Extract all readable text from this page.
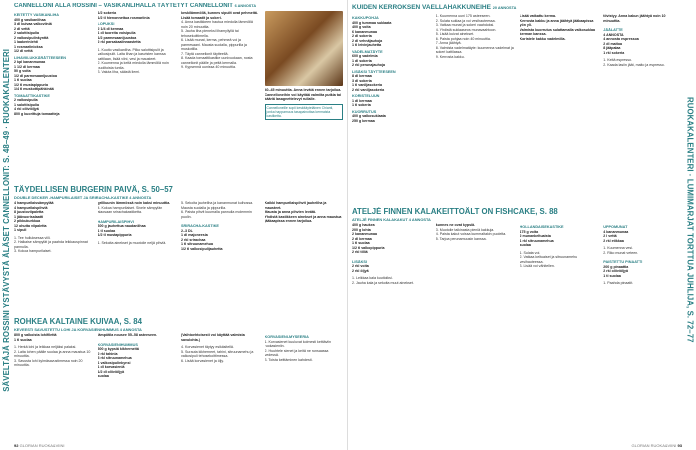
SÄVELTÄJÄ ROSSINI YSTÄVYSTÄ ÄLÄSET CANNELLONIT: S. 48–49 · RUOKAKALENTERI
CANNELLONI ALLA ROSSINI – VASIKANLIHALLA TÄYTETYT CANNELLONIT 6 ANNOSTA
KEITETTY VASIKANLIHA
400 g vasikanlihaa
3 dl kuivaa valkoviiniä
2 dl vettä
2 salottisipulia
2 valkosipulinkynttä
1 laakerinlehti
1 rosmariinioksa
1/2 dl vettä
LIHAVIILUKKÄRÄTTEESEEN
2 kpl kananmunaa
1 1/2 dl kermaa
50 g voita
1/2 dl parmesaanijuustoa
1 tl suolaa
1/2 tl mustapippuria
1/4 tl muskottipähkinää
TOMAATTIKASTIKE
2 valkosipulia
1 salottisipulia
4 rkl oliiviöljyä
800 g kuorittuja tomaatteja
1/2 sokeria
1/2 tl hienonnettua rosmariinia
LOPUKSI
2 1/4 dl kermaa
1 dl tuoreita voisipulia
1/2 parmesaanijuustoa
2 rkl parsakaalinraastetta
1. Kuutio vasikanliha. Pilko salottisipulit ja valkosipulit. Laita lihan ja kasvisten kanssa kattilaan, lisää viini, vesi ja mausteet.
2. Kuumenna ja keitä miedolla lämmöllä noin puolitoista tuntia.
3. Valuta liha, säästä liemi.
keskilämmöllä, kunnes sipulit ovat pehmeitä. Lisää tomaatit ja sokeri.
4. Anna kastikkeen hautua miedolla lämmöllä noin 20 minuuttia.
5. Jauha liha pieneksi lihamyllyllä tai tehosekoittimella.
6. Lisää munat, kerma, pehmeä voi ja parmesaani. Mausta suolalla, pippurilla ja muskotilla.
7. Täytä cannellonit täytteellä.
8. Kaada tomaattikastike uunivuokaan, nosta cannellonit päälle ja peitä kermalla.
9. Kypsennä uunissa 40 minuuttia.
40–45 minuuttia. Anna levätä ennen tarjoilua.
Cannelloneihin voi käyttää valmiita putkia tai kääriä lasagnettelevyt rullalle.
Cannelloneille sopii keskitäyteläinen Chianti, jonka happamuus tasapainottaa kermaista kastiketta.
TÄYDELLISEN BURGERIN PAIVÄ, S. 50–57
DOUBLE DECKER -HAMPURILAISET JA SRIRACHA-KASTIKE 4 ANNOSTA
4 hampurilaissämpylää
4 hampurilaispihviä
8 juustoviipaletta
1 jäävuorisalaatti
2 pikkukurkkua
12 ohutta viipaletta
1 sipuli
1. Tee hulluksessa viili.
2. Halkaise sämpylät ja paahda leikkauspinnat pannulla.
3. Kokoa hampurilaiset.
grilliuunin lämmössä noin kaksi minuuttia.
4. Kokoa hampurilaiset. Sivele sämpylän alaosaan srirachakastiketta.
HAMPURILAISPIHVI
600 g jauhettua naudanlihaa
1 tl suolaa
1/2 tl mustapippuria
1. Sekoita ainekset ja muotoile neljä pihviä.
5. Sekoita jauheliha ja kananmunat kulhossa. Mausta suolalla ja pippurilla.
6. Paista pihvit kuumalla pannulla molemmin puolin.
SRIRACHA-KASTIKE
2–3 DL
1 dl majoneesia
2 rkl srirachaa
1 tl sitruunamehua
1/2 tl valkosipulijauhetta
Kaikki hampurilaispihvit jauheliha ja mausteet.
Mausta ja anna pihvien levätä.
Yhdistä kastikkeen ainekset ja anna maustua jääkaapissa ennen tarjoilua.
ROHKEA KALTAINE KUIVAA, S. 84
KEVEESTI SAVUSTETTU LOHI JA KORVASIENIHUMMUS 4 ANNOSTA
800 g valkoista lohifilettä
1 tl suolaa
1. Herkä lohi ja leikkaa neljäksi palaksi.
2. Laita lohen päälle suolaa ja anna maustua 10 minuuttia.
3. Savusta lohi kylmäsavustimessa noin 20 minuuttia.
lämpötila nousee 55–58 asteeseen.
KORVASIENIHUMMUS
300 g kypsiä kikherneitä
2 rkl tahinia
3 rkl sitruunamehua
1 valkosipulinkynsi
1 dl korvasieniä
1/2 dl oliiviöljyä
suolaa
(Vaihtoehtoisesti voi käyttää valmista savulohta.)
4. Korvasienet täytyy esikäsitellä.
5. Surauta kikherneet, tahini, sitruunamehu ja valkosipuli tehosekoittimessa.
6. Lisää korvasienet ja öljy.
KORVASIENI-MYSEERIA
1. Korvasienet kuuluvat kolmesti keittäviin ruokasieniin.
2. Huuhtele sienet ja keitä ne runsaassa vedessä.
3. Toista keittäminen kahdesti.
92 GLORIAN RUOKA&VIINI
RUOKAKALENTERI · LUMIMARJAT TORTTUA JUHLIJA, S. 72–77
KUIDEN KERROKSEN VAELLAHAKKUNEIHE 20 ANNOSTA
KAKKUPOHJA
400 g tummaa suklaata
400 g voita
6 kananmunaa
2 dl sokeria
2 dl vehnäjauhoja
1 tl leivinjauhetta
VADELMATÄYTE
600 g vadelmia
1 dl sokeria
2 rkl perunajauhoja
LISÄKSI TÄYTTEESEEN
8 dl kermaa
3 dl sokeria
1 tl vaniljasokeria
2 rkl vaniljasokeria
KORISTELUUN
1 dl kermaa
1 tl sokeria
KUORRUTUS
400 g valkosuklaata
250 g kermaa
1. Kuumenna uuni 175 asteeseen.
2. Sulata suklaa ja voi vesihauteessa.
3. Vatkaa munat ja sokeri vaahdoksi.
4. Yhdistä suklaaseos munavaahtoon.
5. Lisää kuivat ainekset.
6. Paista pohjaa noin 40 minuuttia.
7. Anna jäähtyä.
8. Valmista vadelmatäyte: kuumenna vadelmat ja sokeri kattilassa.
9. Kerrosta kakku.
Lisää vatkattu kerma.
Kerrosta kakku ja anna jäähtyä jääkaapissa yön yli.
Valmista kuorrutus sulattamalla valkosuklaa kerman kanssa.
Koristele kakku vadelmilla.
tiivistyy. Anna kakun jäähtyä noin 10 minuuttia.
JÄÄLATTE
4 ANNOSTA
4 annosta espressoa
2 dl maitoa
8 jääpalaa
1 rkl sokeria
1. Keitä espresso.
2. Kaada lasiin jäät, maito ja espresso.
ATELJÉ FINNEN KALAKEITTOÄLT ON FISHCAKE, S. 88
ATELJÉ FINNEN KALAKAKUT 4 ANNOSTA
400 g haukea
200 g lohta
2 kananmunaa
2 dl kermaa
1 tl suolaa
1/2 tl valkopippuria
2 rkl tilliä
LISÄKSI
2 rkl voita
2 rkl öljyä
1. Leikkaa kala kuutioiksi.
2. Jauha kala ja sekoita muut ainekset.
kunnes ne ovat kypsiä.
3. Muotoile taikinasta pieniä kakkuja.
4. Paista kakut voissa kummaltakin puolelta.
5. Tarjoa perunamuusin kanssa.
HOLLANDAISEKASTIKE
175 g voita
2 munankeltuaista
1 rkl sitruunamehua
suolaa
1. Sulata voi.
2. Vatkaa keltuaiset ja sitruunamehu vesihauteessa.
3. Lisää voi vähitellen.
UPPOMUNAT
4 kananmunaa
2 l vettä
2 rkl etikkaa
1. Kuumenna vesi.
2. Riko munat veteen.
PAISTETTU PINAATTI
200 g pinaattia
2 rkl oliiviöljyä
1 tl suolaa
1. Paahda pinaatit.
GLORIAN RUOKA&VIINI 93
